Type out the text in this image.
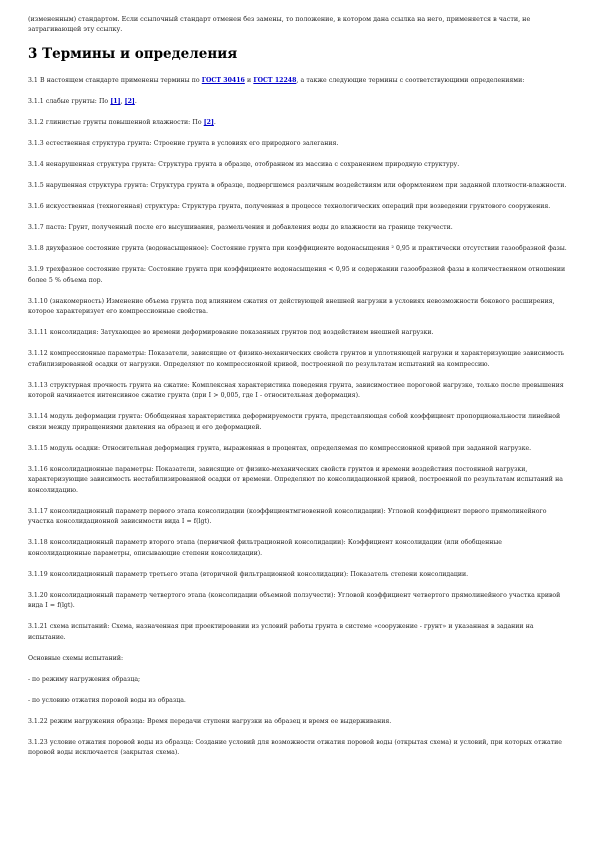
(измененным) стандартом. Если ссылочный стандарт отменен без замены, то положение, в котором дана ссылка на него, применяется в части, не затрагивающей эту ссылку.

3 Термины и определения

3.1 В настоящем стандарте применены термины по ГОСТ 30416 и ГОСТ 12248, а также следующие термины с соответствующими определениями:

3.1.1 слабые грунты: По [1], [2].

3.1.2 глинистые грунты повышенной влажности: По [2].

3.1.3 естественная структура грунта: Строение грунта в условиях его природного залегания.

3.1.4 ненарушенная структура грунта: Структура грунта в образце, отобранном из массива с сохранением природную структуру.

3.1.5 нарушенная структура грунта: Структура грунта в образце, подвергшемся различным воздействиям или оформлением при заданной плотности-влажности.

3.1.6 искусственная (техногенная) структура: Структура грунта, полученная в процессе технологических операций при возведении грунтового сооружения.

3.1.7 паста: Грунт, полученный после его высушивания, размельчения и добавления воды до влажности на границе текучести.

3.1.8 двухфазное состояние грунта (водонасыщенное): Состояние грунта при коэффициенте водонасыщения ² 0,95 и практически отсутствии газообразной фазы.

3.1.9 трехфазное состояние грунта: Состояние грунта при коэффициенте водонасыщения < 0,95 и содержании газообразной фазы в количественном отношении более 5 % объема пор.

3.1.10 (знакомерность) Изменение объема грунта под влиянием сжатия от действующей внешней нагрузки в условиях невозможности бокового расширения, которое характеризует его компрессионные свойства.

3.1.11 консолидация: Затухающее во времени деформирование показанных грунтов под воздействием внешней нагрузки.

3.1.12 компрессионные параметры: Показатели, зависящие от физико-механических свойств грунтов и уплотняющей нагрузки и характеризующие зависимость стабилизированной осадки от нагрузки. Определяют по компрессионной кривой, построенной по результатам испытаний на компрессию.

3.1.13 структурная прочность грунта на сжатие: Комплексная характеристика поведения грунта, зависимостиее пороговой нагрузке, только после превышения которой начинается интенсивное сжатие грунта (при I > 0,005, где I - относительная деформация).

3.1.14 модуль деформации грунта: Обобщенная характеристика деформируемости грунта, представляющая собой коэффициент пропорциональности линейной связи между приращениями давления на образец и его деформацией.

3.1.15 модуль осадки: Относительная деформация грунта, выраженная в процентах, определяемая по компрессионной кривой при заданной нагрузке.

3.1.16 консолидационные параметры: Показатели, зависящие от физико-механических свойств грунтов и времени воздействия постоянной нагрузки, характеризующие зависимость нестабилизированной осадки от времени. Определяют по консолидационной кривой, построенной по результатам испытаний на консолидацию.

3.1.17 консолидационный параметр первого этапа консолидации (коэффициентмгновенной консолидации): Угловой коэффициент первого прямолинейного участка консолидационной зависимости вида I = f(lgt).

3.1.18 консолидационный параметр второго этапа (первичной фильтрационной консолидации): Коэффициент консолидации (или обобщенные консолидационные параметры, описывающие степени консолидации).

3.1.19 консолидационный параметр третьего этапа (вторичной фильтрационной консолидации): Показатель степени консолидации.

3.1.20 консолидационный параметр четвертого этапа (консолидации объемной ползучести): Угловой коэффициент четвертого прямолинейного участка кривой вида I = f(lgt).

3.1.21 схема испытаний: Схема, назначенная при проектировании из условий работы грунта в системе «сооружение - грунт» и указанная в задании на испытание.

Основные схемы испытаний:

- по режиму нагружения образца;

- по условию отжатия поровой воды из образца.

3.1.22 режим нагружения образца: Время передачи ступени нагрузки на образец и время ее выдерживания.

3.1.23 условие отжатия поровой воды из образца: Создание условий для возможности отжатия поровой воды (открытая схема) и условий, при которых отжатие поровой воды исключается (закрытая схема).
